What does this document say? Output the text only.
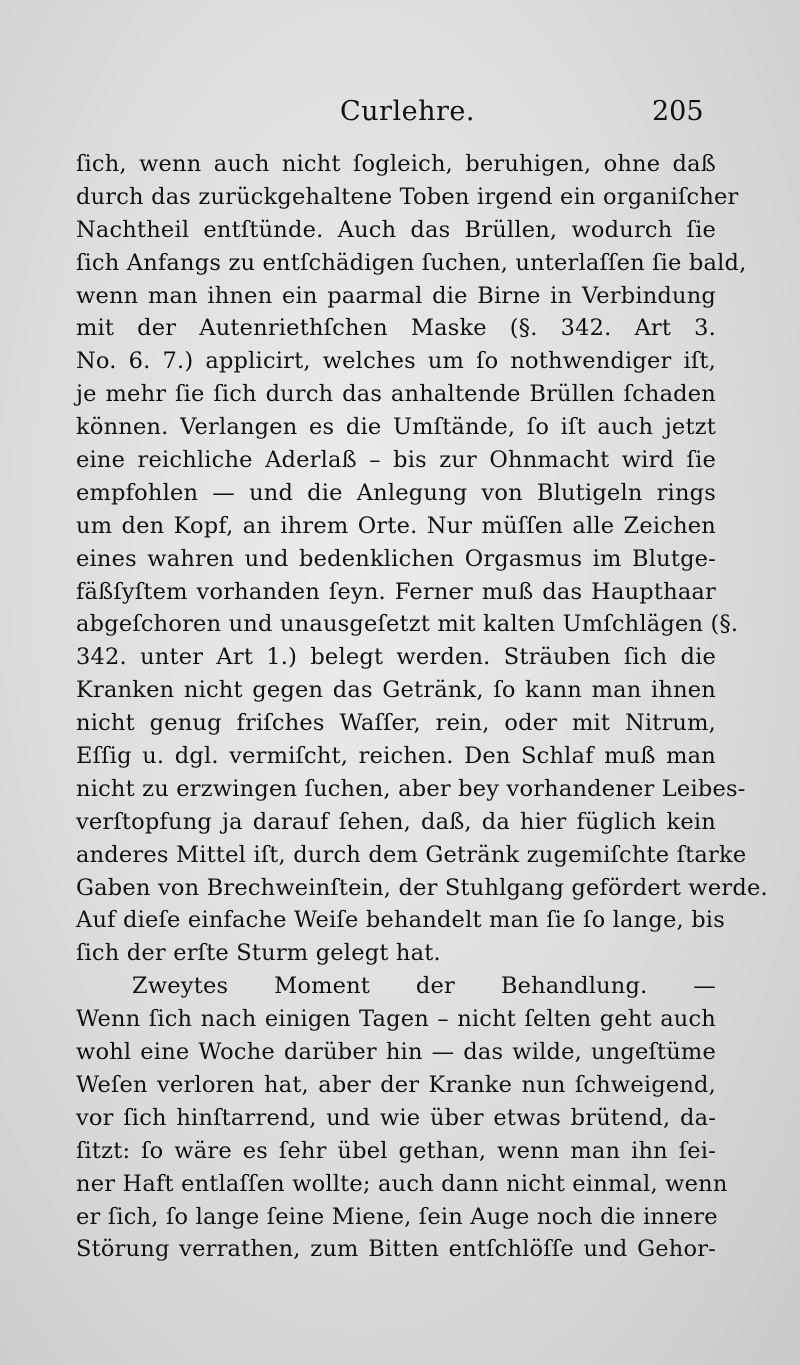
Curlehre.	205
ſich, wenn auch nicht ſogleich, beruhigen, ohne daß
durch das zurückgehaltene Toben irgend ein organiſcher
Nachtheil entſtünde. Auch das Brüllen, wodurch ſie
ſich Anfangs zu entſchädigen ſuchen, unterlaſſen ſie bald,
wenn man ihnen ein paarmal die Birne in Verbindung
mit der Autenriethſchen Maske (§. 342. Art 3.
No. 6. 7.) applicirt, welches um ſo nothwendiger iſt,
je mehr ſie ſich durch das anhaltende Brüllen ſchaden
können. Verlangen es die Umſtände, ſo iſt auch jetzt
eine reichliche Aderlaß – bis zur Ohnmacht wird ſie
empfohlen — und die Anlegung von Blutigeln rings
um den Kopf, an ihrem Orte. Nur müſſen alle Zeichen
eines wahren und bedenklichen Orgasmus im Blutge-
fäßſyſtem vorhanden ſeyn. Ferner muß das Haupthaar
abgeſchoren und unausgeſetzt mit kalten Umſchlägen (§.
342. unter Art 1.) belegt werden. Sträuben ſich die
Kranken nicht gegen das Getränk, ſo kann man ihnen
nicht genug friſches Waſſer, rein, oder mit Nitrum,
Eſſig u. dgl. vermiſcht, reichen. Den Schlaf muß man
nicht zu erzwingen ſuchen, aber bey vorhandener Leibes-
verſtopfung ja darauf ſehen, daß, da hier füglich kein
anderes Mittel iſt, durch dem Getränk zugemiſchte ſtarke
Gaben von Brechweinſtein, der Stuhlgang gefördert werde.
Auf dieſe einfache Weiſe behandelt man ſie ſo lange, bis
ſich der erſte Sturm gelegt hat.
Zweytes Moment der Behandlung. —
Wenn ſich nach einigen Tagen – nicht ſelten geht auch
wohl eine Woche darüber hin — das wilde, ungeſtüme
Weſen verloren hat, aber der Kranke nun ſchweigend,
vor ſich hinſtarrend, und wie über etwas brütend, da-
ſitzt: ſo wäre es ſehr übel gethan, wenn man ihn ſei-
ner Haft entlaſſen wollte; auch dann nicht einmal, wenn
er ſich, ſo lange ſeine Miene, ſein Auge noch die innere
Störung verrathen, zum Bitten entſchlöſſe und Gehor-
